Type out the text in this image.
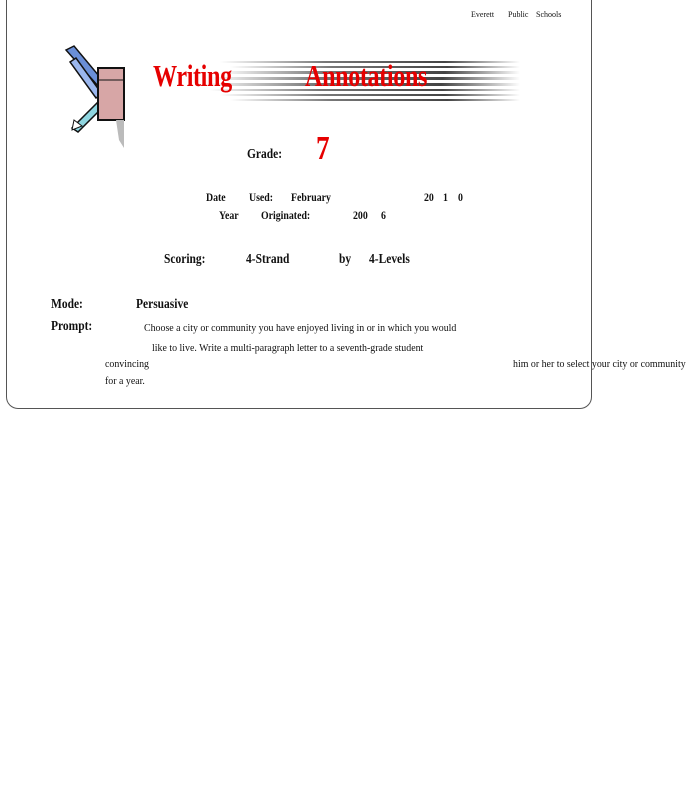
Everett Public Schools
Writing Annotations
Grade: 7
Date Used: February	20 1 0
Year Originated:	200 6
Scoring:	4-Strand	by 4-Levels
Mode:	Persuasive
Prompt:	Choose a city or community you have enjoyed living in or in which you would
like to live. Write a multi-paragraph letter to a seventh-grade student
convincing
for a year.
him or her to select your city or community
